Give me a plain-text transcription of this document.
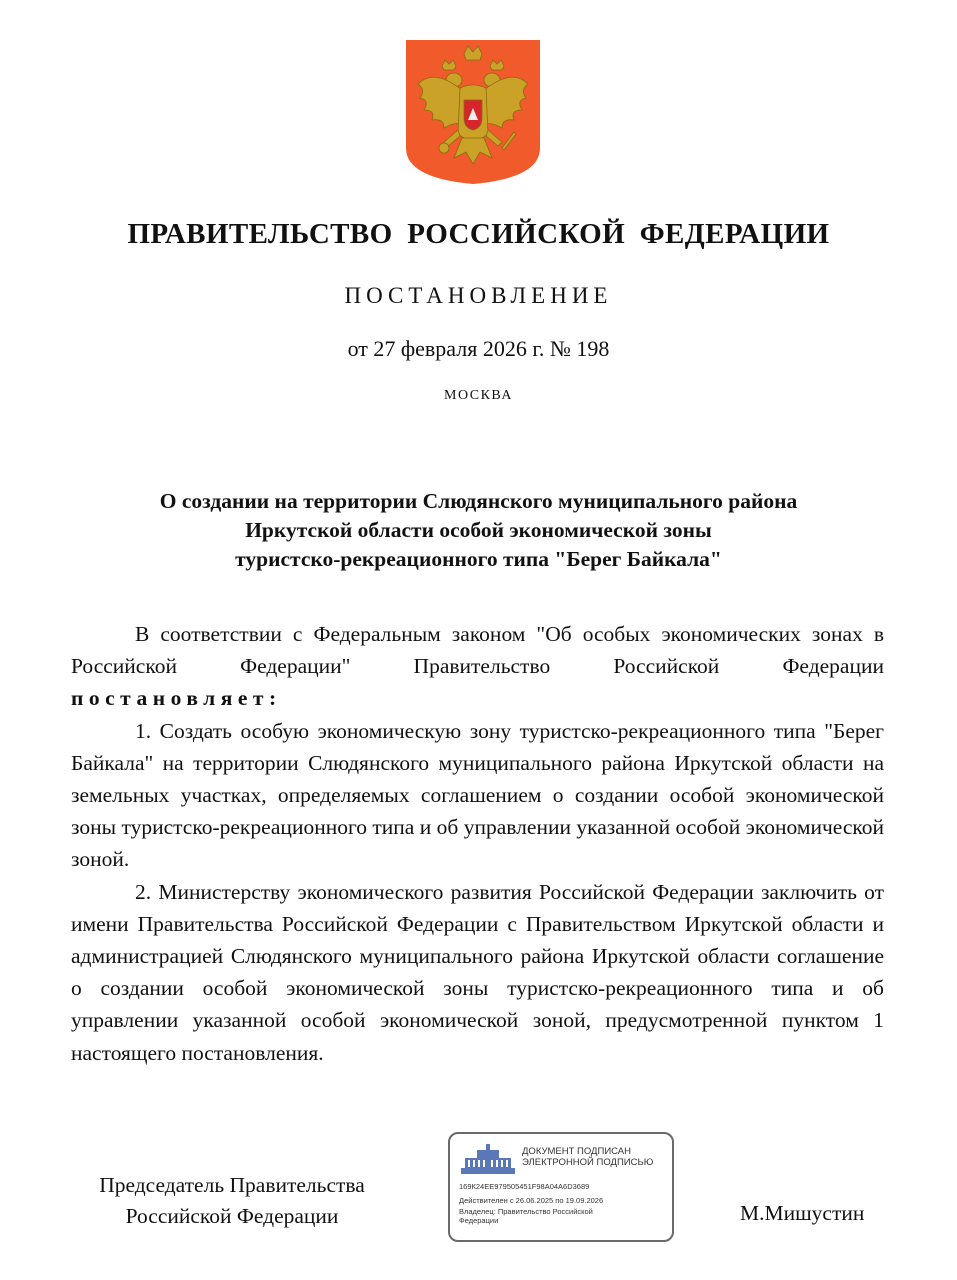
ПРАВИТЕЛЬСТВО РОССИЙСКОЙ ФЕДЕРАЦИИ
ПОСТАНОВЛЕНИЕ
от 27 февраля 2026 г. № 198
МОСКВА
О создании на территории Слюдянского муниципального района
Иркутской области особой экономической зоны
туристско-рекреационного типа "Берег Байкала"

В соответствии с Федеральным законом "Об особых экономических зонах в Российской Федерации" Правительство Российской Федерации

постановляет:

1. Создать особую экономическую зону туристско-рекреационного типа "Берег Байкала" на территории Слюдянского муниципального района Иркутской области на земельных участках, определяемых соглашением о создании особой экономической зоны туристско-рекреационного типа и об управлении указанной особой экономической зоной.

2. Министерству экономического развития Российской Федерации заключить от имени Правительства Российской Федерации с Правительством Иркутской области и администрацией Слюдянского муниципального района Иркутской области соглашение о создании особой экономической зоны туристско-рекреационного типа и об управлении указанной особой экономической зоной, предусмотренной пунктом 1 настоящего постановления.

Председатель Правительства
Российской Федерации	М.Мишустин
ДОКУМЕНТ ПОДПИСАН
ЭЛЕКТРОННОЙ ПОДПИСЬЮ
169К24ЕЕ979505451F98А04А6D3689
Действителен с 26.06.2025 по 19.09.2026
Владелец: Правительство Российской Федерации
